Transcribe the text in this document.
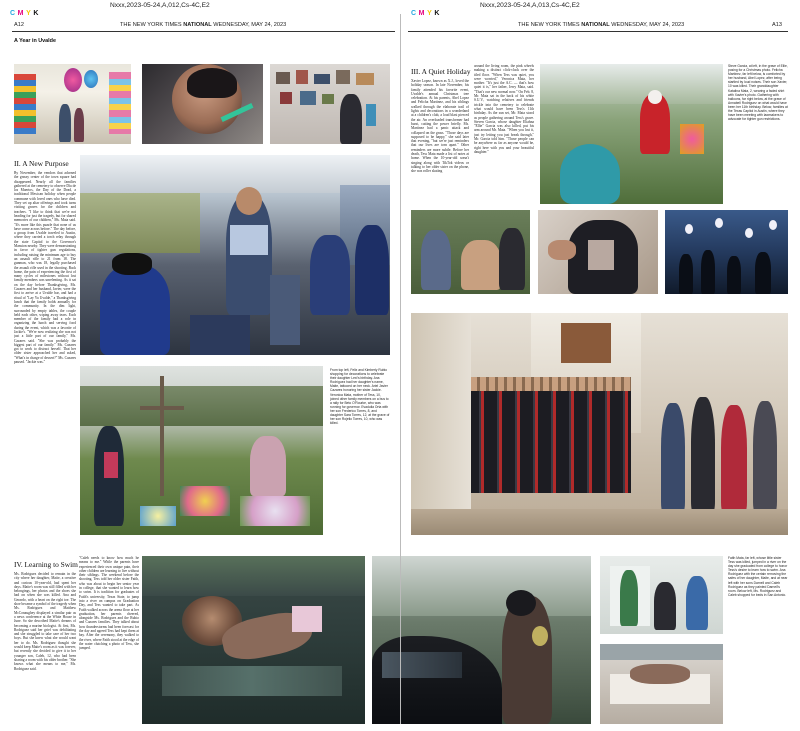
CMYK
Nxxx,2023-05-24,A,012,Cs-4C,E2
CMYK
Nxxx,2023-05-24,A,013,Cs-4C,E2
A12	THE NEW YORK TIMES NATIONAL WEDNESDAY, MAY 24, 2023	THE NEW YORK TIMES NATIONAL WEDNESDAY, MAY 24, 2023	A13
A Year in Uvalde
II. A New Purpose
By November, the vendors that adorned the grassy center of the town square had disappeared. Nearly all the families gathered at the cemetery to observe Día de los Muertos, the Day of the Dead, a traditional Mexican holiday when people commune with loved ones who have died. They set up altar offerings and took turns visiting graves for the children and teachers. "I like to think that we're not heading for just the tragedy, but for shared memories of our children," Ms. Mata said. "It's more like this puzzle that none of us have come across before." The day before, a group from Uvalde traveled to Austin, where they carried a torch relay through the state Capitol to the Governor's Mansion nearby. They were demonstrating in favor of tighter gun regulations, including raising the minimum age to buy an assault rifle to 21 from 18. The gunman, who was 18, legally purchased the assault rifle used in the shooting. Back home, the pain of experiencing the first of many cycles of milestones without lost family members was unrelenting. As it sat on the day before Thanksgiving, Ms. Cazares and her husband, Javier, were the first to arrive at a Uvalde bar, and had a ritual of "Lay Ya Uvalde," a Thanksgiving lunch that the family holds annually for the community. In the dim light, surrounded by empty tables, the couple held each other, wiping away tears. Each member of the family had a role in organizing the lunch and serving food during the event, which was a favorite of Jackie's. "We're now realizing she was not just a little part of our family," Ms. Cazares said. "She was probably the biggest part of our family." Ms. Cazares got to work to distract herself. That her older sister approached her and asked, "What's in charge of dessert?" Ms. Cazares paused. "Jackie was."
From top left, Felix and Kimberly Rubio shopping for decorations to celebrate their daughter Lexi's birthday. Ana Rodríguez had her daughter's name, Maite, tattooed on her neck. Ariel Javier Cazares honoring her sister Jackie. Veronica Mata, mother of Tess, 10, joined other family members on a bus to a rally for Beto O'Rourke, who was running for governor. Evadulia Orta with her son Frederico Torres, 8, and daughter Sara Torres, 12, at the grave of her son Rojelio Torres, 10, who was killed.
IV. Learning to Swim
Ms. Rodriguez decided to remain in the city where her daughter, Maite, a creative and curious 10-year-old, had spent her days. Maite's room was still filled with her belongings, her photos and the shoes she had on when she was killed. Ana and Gerardo, with a heart on the right toe. The shoe became a symbol of the tragedy when Ms. Rodriguez and Matthew McConaughey displayed a similar pair as a news conference at the White House in June. So she described Maite's dreams of becoming a marine biologist. At first, Ms. Rodriguez said her grief was debilitating and she struggled to take care of her two boys. But she knew what she would want her to do. Ms. Rodriguez thought she would keep Maite's room as it was forever, but recently she decided to give it to her younger son, Caleb, 12, who had been sharing a room with his older brother. "She knows what she means to me," Ms. Rodriguez said.
"Caleb needs to know how much he means to me." While the parents have experienced their own unique pain, their other children are learning to live without their siblings. The weekend before the shooting, Tess told her older sister Faith, who was about to begin her senior year in college, that she wanted to learn how to swim. It is tradition for graduates of Faith's university, Texas State, to jump into a river on campus on Graduation Day, and Tess wanted to take part. As Faith walked across the arena floor at her graduation, her parents cheered, alongside Ms. Rodriguez and the Rubio and Cazares families. They talked about how thunderstorms had been forecast for the day and agreed Tess had kept them at bay. After the ceremony, they walked to the river, where Faith stood at the edge of the water clutching a photo of Tess, she jumped.
III. A Quiet Holiday
Xavier Lopez, known as X.J., loved the holiday season. In late November, his family attended his favorite event, Uvalde's annual Christmas tree celebration. At his parents, Abel Lopez and Felicha Martinez, and his siblings walked through the elaborate trail of lights and decorations in a wonderland at a children's club, a loud blast pierced the air. An overloaded transformer had burst, cutting the power briefly. Ms. Martinez had a panic attack and collapsed on the grass. "Those days are supposed to be happy," she said later that evening, "but we're just reminders that our lives are torn apart." Other reminders are more subtle. Before her death, Tess Mata made a list of notes at home. When the 10-year-old wasn't singing along with TikTok videos or talking to her older sister on the phone, she was roller skating
around the living room, the pink wheels making a distinct click-clack over the tiled floor. "When Tess was quiet, you were worried," Veronica Mata, her mother. "It's just the A.C. — that's how quiet it is," her father, Jerry Mata, said. "That's our new normal now." On Feb. 8, Mr. Mata sat in the back of his white S.U.V., watching relatives and friends trickle into the cemetery to celebrate what would have been Tess's 11th birthday. As the sun set, Mr. Mata stood as people gathering around Tess's grave. Steven Garcia, whose daughter Eliahna "Ellie" Garcia was also killed, put his arm around Mr. Mata. "When you lost it, just try letting you just break through," Mr. Garcia told him. "Those people can be anywhere as far as anyone would be, right here with you and your beautiful daughter."
Steve Garcia, at left, in the grave of Ellie, posing for a Christmas photo. Felicha Martinez, far left below, is comforted by her husband, Abel Lopez, after being startled by loud noises. Their son Xavier, 10 was killed. Their granddaughter Katalina Mata, 2, wearing a faded shirt with Xavier's photo. Gathering with balloons, far right below, at the grave of Annabell Rodriguez on what would have been her 11th birthday. Below, families at the Texas Capitol in Austin, where they have been meeting with lawmakers to advocate for tighter gun restrictions.
Faith Mata, far left, whose little sister Tess was killed, jumped in a river on the day she graduated from college to honor Tess's desire to learn how to swim. Ana Rodriguez with the certain removing the safes of her daughter, Maite, and at near left with her sons Darnell and Caleb Rodriguez as they painted Darnell's room. Below left, Ms. Rodriguez and Caleb shopped for beds in San Antonio.
